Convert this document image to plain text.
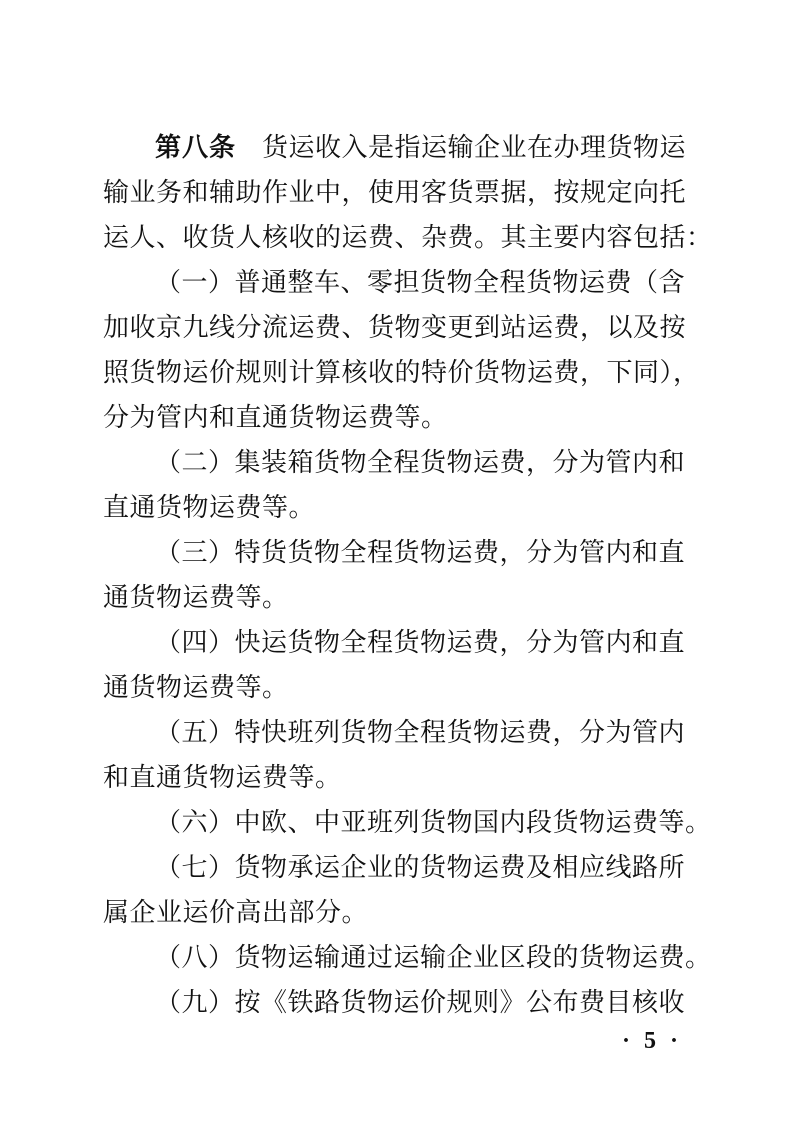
第八条 货运收入是指运输企业在办理货物运
输业务和辅助作业中，使用客货票据，按规定向托
运人、收货人核收的运费、杂费。其主要内容包括：
（一）普通整车、零担货物全程货物运费（含
加收京九线分流运费、货物变更到站运费，以及按
照货物运价规则计算核收的特价货物运费，下同），
分为管内和直通货物运费等。
（二）集装箱货物全程货物运费，分为管内和
直通货物运费等。
（三）特货货物全程货物运费，分为管内和直
通货物运费等。
（四）快运货物全程货物运费，分为管内和直
通货物运费等。
（五）特快班列货物全程货物运费，分为管内
和直通货物运费等。
（六）中欧、中亚班列货物国内段货物运费等。
（七）货物承运企业的货物运费及相应线路所
属企业运价高出部分。
（八）货物运输通过运输企业区段的货物运费。
（九）按《铁路货物运价规则》公布费目核收
· 5 ·
